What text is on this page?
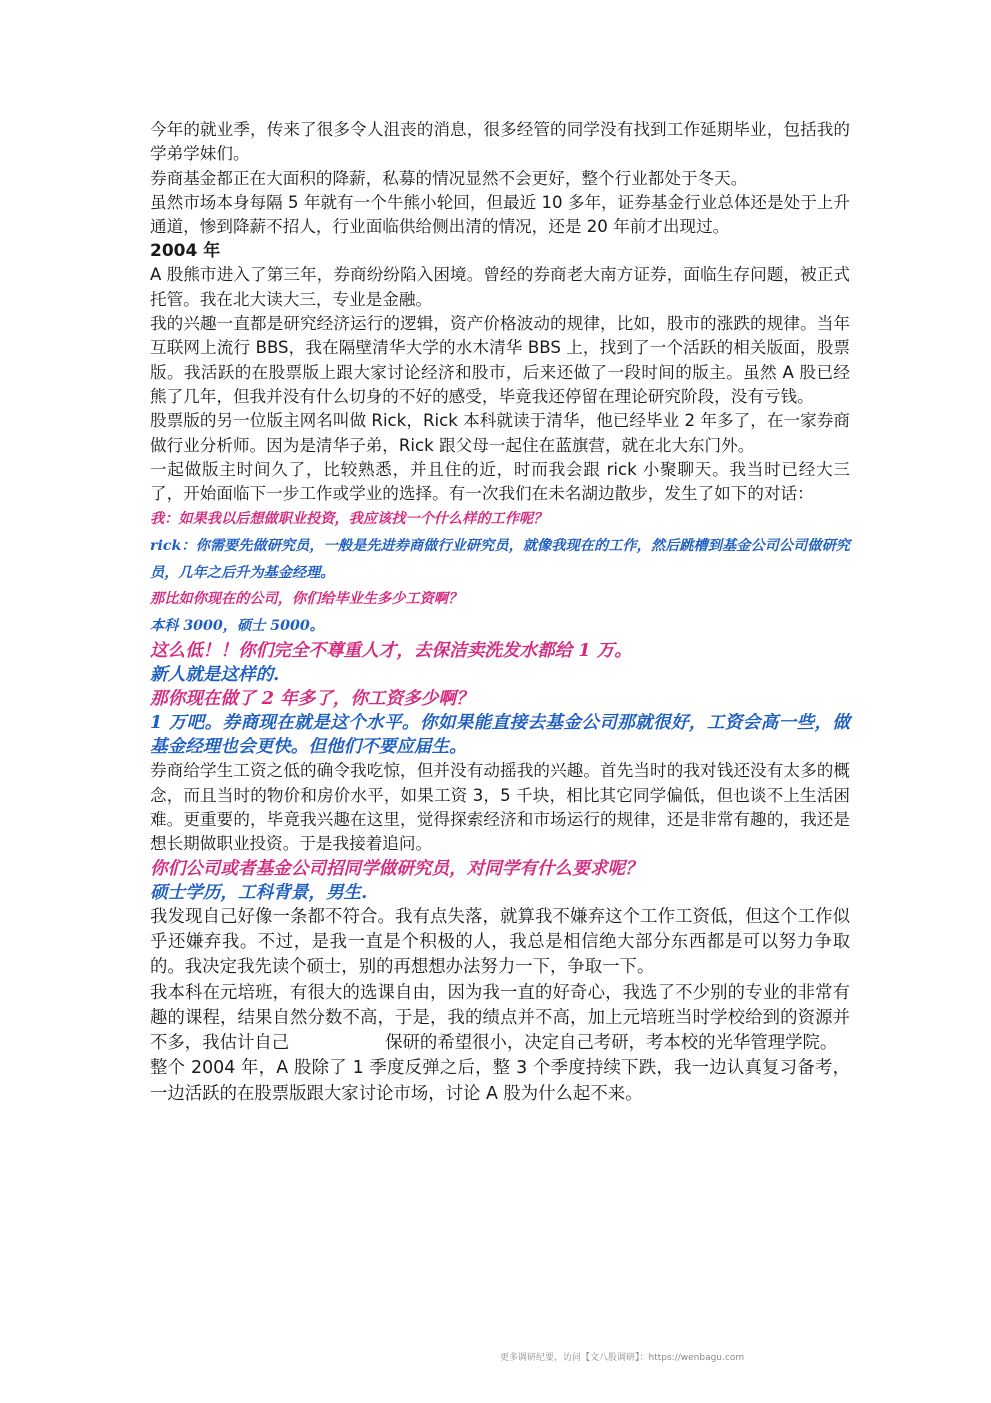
今年的就业季，传来了很多令人沮丧的消息，很多经管的同学没有找到工作延期毕业，包括我的学弟学妹们。

券商基金都正在大面积的降薪，私募的情况显然不会更好，整个行业都处于冬天。

虽然市场本身每隔 5 年就有一个牛熊小轮回，但最近 10 多年，证券基金行业总体还是处于上升通道，惨到降薪不招人，行业面临供给侧出清的情况，还是 20 年前才出现过。

2004 年

A 股熊市进入了第三年，券商纷纷陷入困境。曾经的券商老大南方证券，面临生存问题，被正式托管。我在北大读大三，专业是金融。

我的兴趣一直都是研究经济运行的逻辑，资产价格波动的规律，比如，股市的涨跌的规律。当年互联网上流行 BBS，我在隔壁清华大学的水木清华 BBS 上，找到了一个活跃的相关版面，股票版。我活跃的在股票版上跟大家讨论经济和股市，后来还做了一段时间的版主。虽然 A 股已经熊了几年，但我并没有什么切身的不好的感受，毕竟我还停留在理论研究阶段，没有亏钱。

股票版的另一位版主网名叫做 Rick，Rick 本科就读于清华，他已经毕业 2 年多了，在一家券商做行业分析师。因为是清华子弟，Rick 跟父母一起住在蓝旗营，就在北大东门外。

一起做版主时间久了，比较熟悉，并且住的近，时而我会跟 rick 小聚聊天。我当时已经大三了，开始面临下一步工作或学业的选择。有一次我们在未名湖边散步，发生了如下的对话：

我：如果我以后想做职业投资，我应该找一个什么样的工作呢？

rick：你需要先做研究员，一般是先进券商做行业研究员，就像我现在的工作，然后跳槽到基金公司公司做研究员，几年之后升为基金经理。

那比如你现在的公司，你们给毕业生多少工资啊？

本科 3000，硕士 5000。

这么低！！你们完全不尊重人才，去保洁卖洗发水都给 1 万。

新人就是这样的.

那你现在做了 2 年多了，你工资多少啊？

1 万吧。券商现在就是这个水平。你如果能直接去基金公司那就很好，工资会高一些，做基金经理也会更快。但他们不要应届生。

券商给学生工资之低的确令我吃惊，但并没有动摇我的兴趣。首先当时的我对钱还没有太多的概念，而且当时的物价和房价水平，如果工资 3，5 千块，相比其它同学偏低，但也谈不上生活困难。更重要的，毕竟我兴趣在这里，觉得探索经济和市场运行的规律，还是非常有趣的，我还是想长期做职业投资。于是我接着追问。

你们公司或者基金公司招同学做研究员，对同学有什么要求呢？

硕士学历，工科背景，男生.

我发现自己好像一条都不符合。我有点失落，就算我不嫌弃这个工作工资低，但这个工作似乎还嫌弃我。不过，是我一直是个积极的人，我总是相信绝大部分东西都是可以努力争取的。我决定我先读个硕士，别的再想想办法努力一下，争取一下。

我本科在元培班，有很大的选课自由，因为我一直的好奇心，我选了不少别的专业的非常有趣的课程，结果自然分数不高，于是，我的绩点并不高，加上元培班当时学校给到的资源并不多，我估计自己	保研的希望很小，决定自己考研，考本校的光华管理学院。

整个 2004 年，A 股除了 1 季度反弹之后，整 3 个季度持续下跌，我一边认真复习备考，一边活跃的在股票版跟大家讨论市场，讨论 A 股为什么起不来。

更多调研纪要，访问【文八股调研】：https://wenbagu.com
